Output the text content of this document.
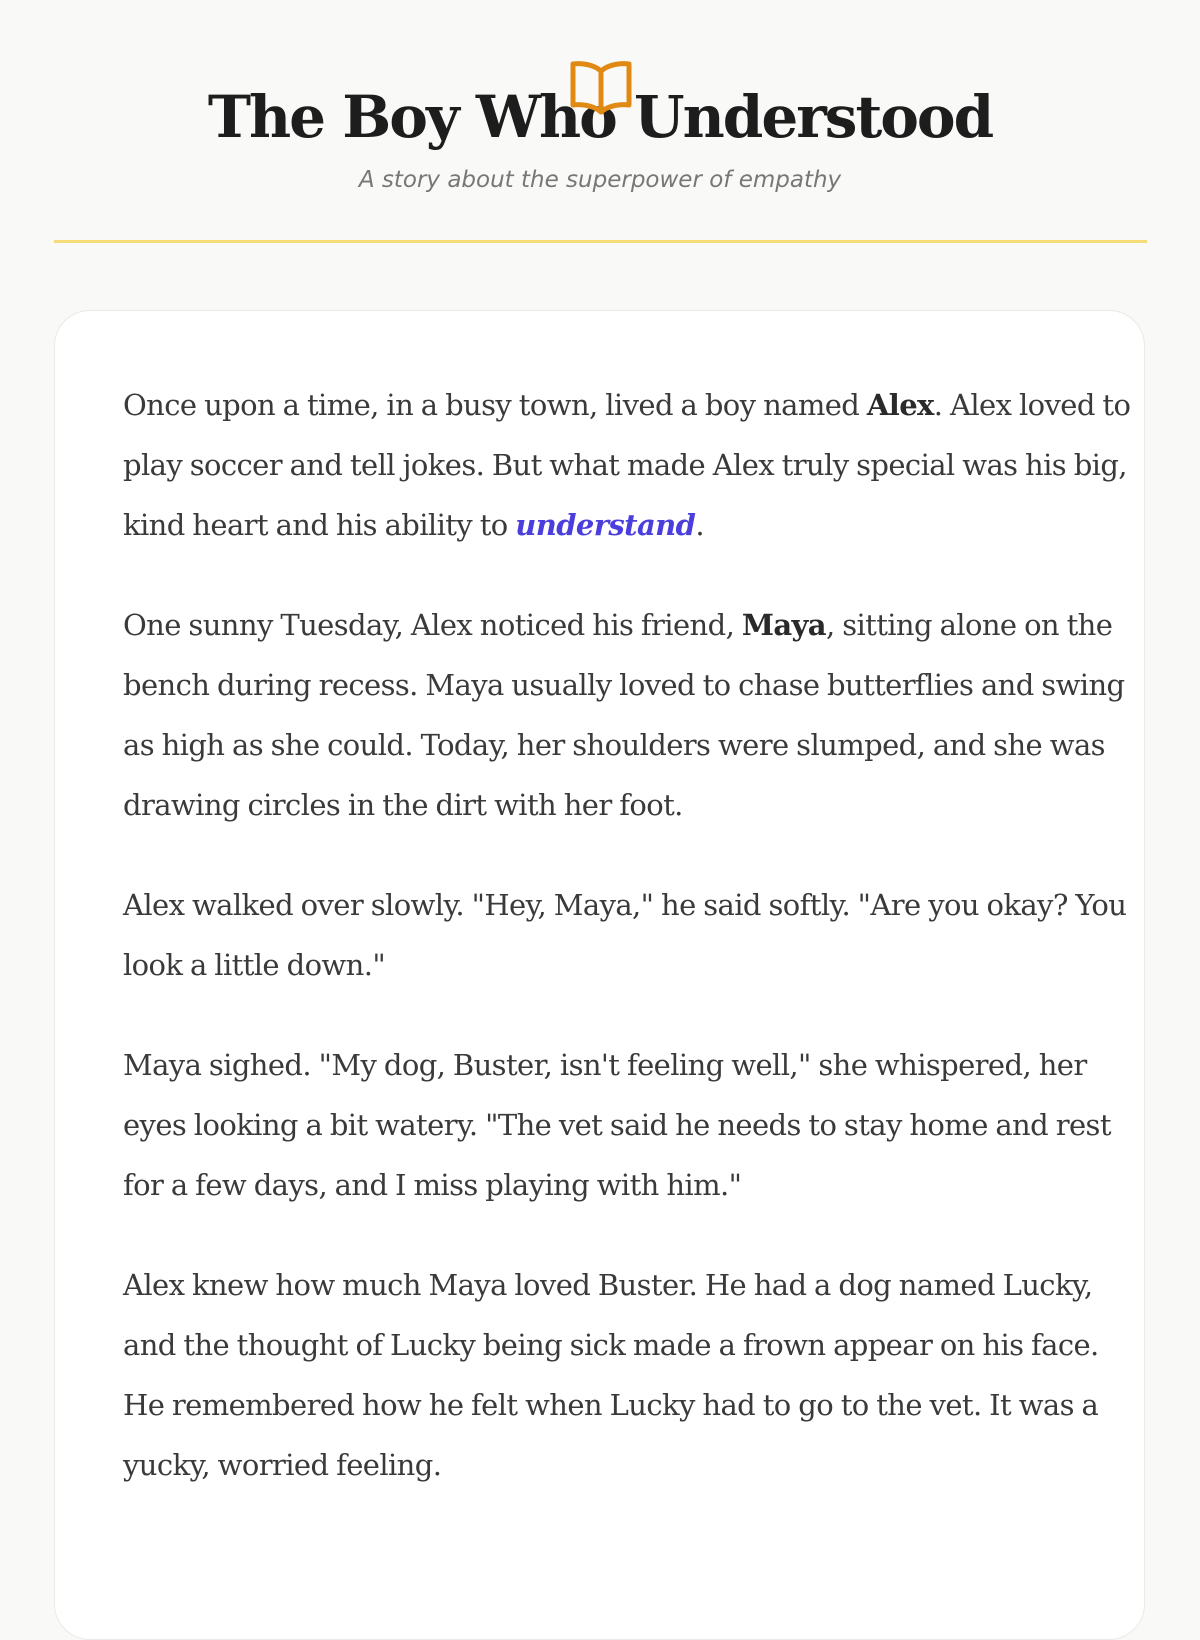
The Boy Who Understood

A story about the superpower of empathy

Once upon a time, in a busy town, lived a boy named Alex. Alex loved to play soccer and tell jokes. But what made Alex truly special was his big, kind heart and his ability to understand.

One sunny Tuesday, Alex noticed his friend, Maya, sitting alone on the bench during recess. Maya usually loved to chase butterflies and swing as high as she could. Today, her shoulders were slumped, and she was drawing circles in the dirt with her foot.

Alex walked over slowly. "Hey, Maya," he said softly. "Are you okay? You look a little down."

Maya sighed. "My dog, Buster, isn't feeling well," she whispered, her eyes looking a bit watery. "The vet said he needs to stay home and rest for a few days, and I miss playing with him."

Alex knew how much Maya loved Buster. He had a dog named Lucky, and the thought of Lucky being sick made a frown appear on his face. He remembered how he felt when Lucky had to go to the vet. It was a yucky, worried feeling.
